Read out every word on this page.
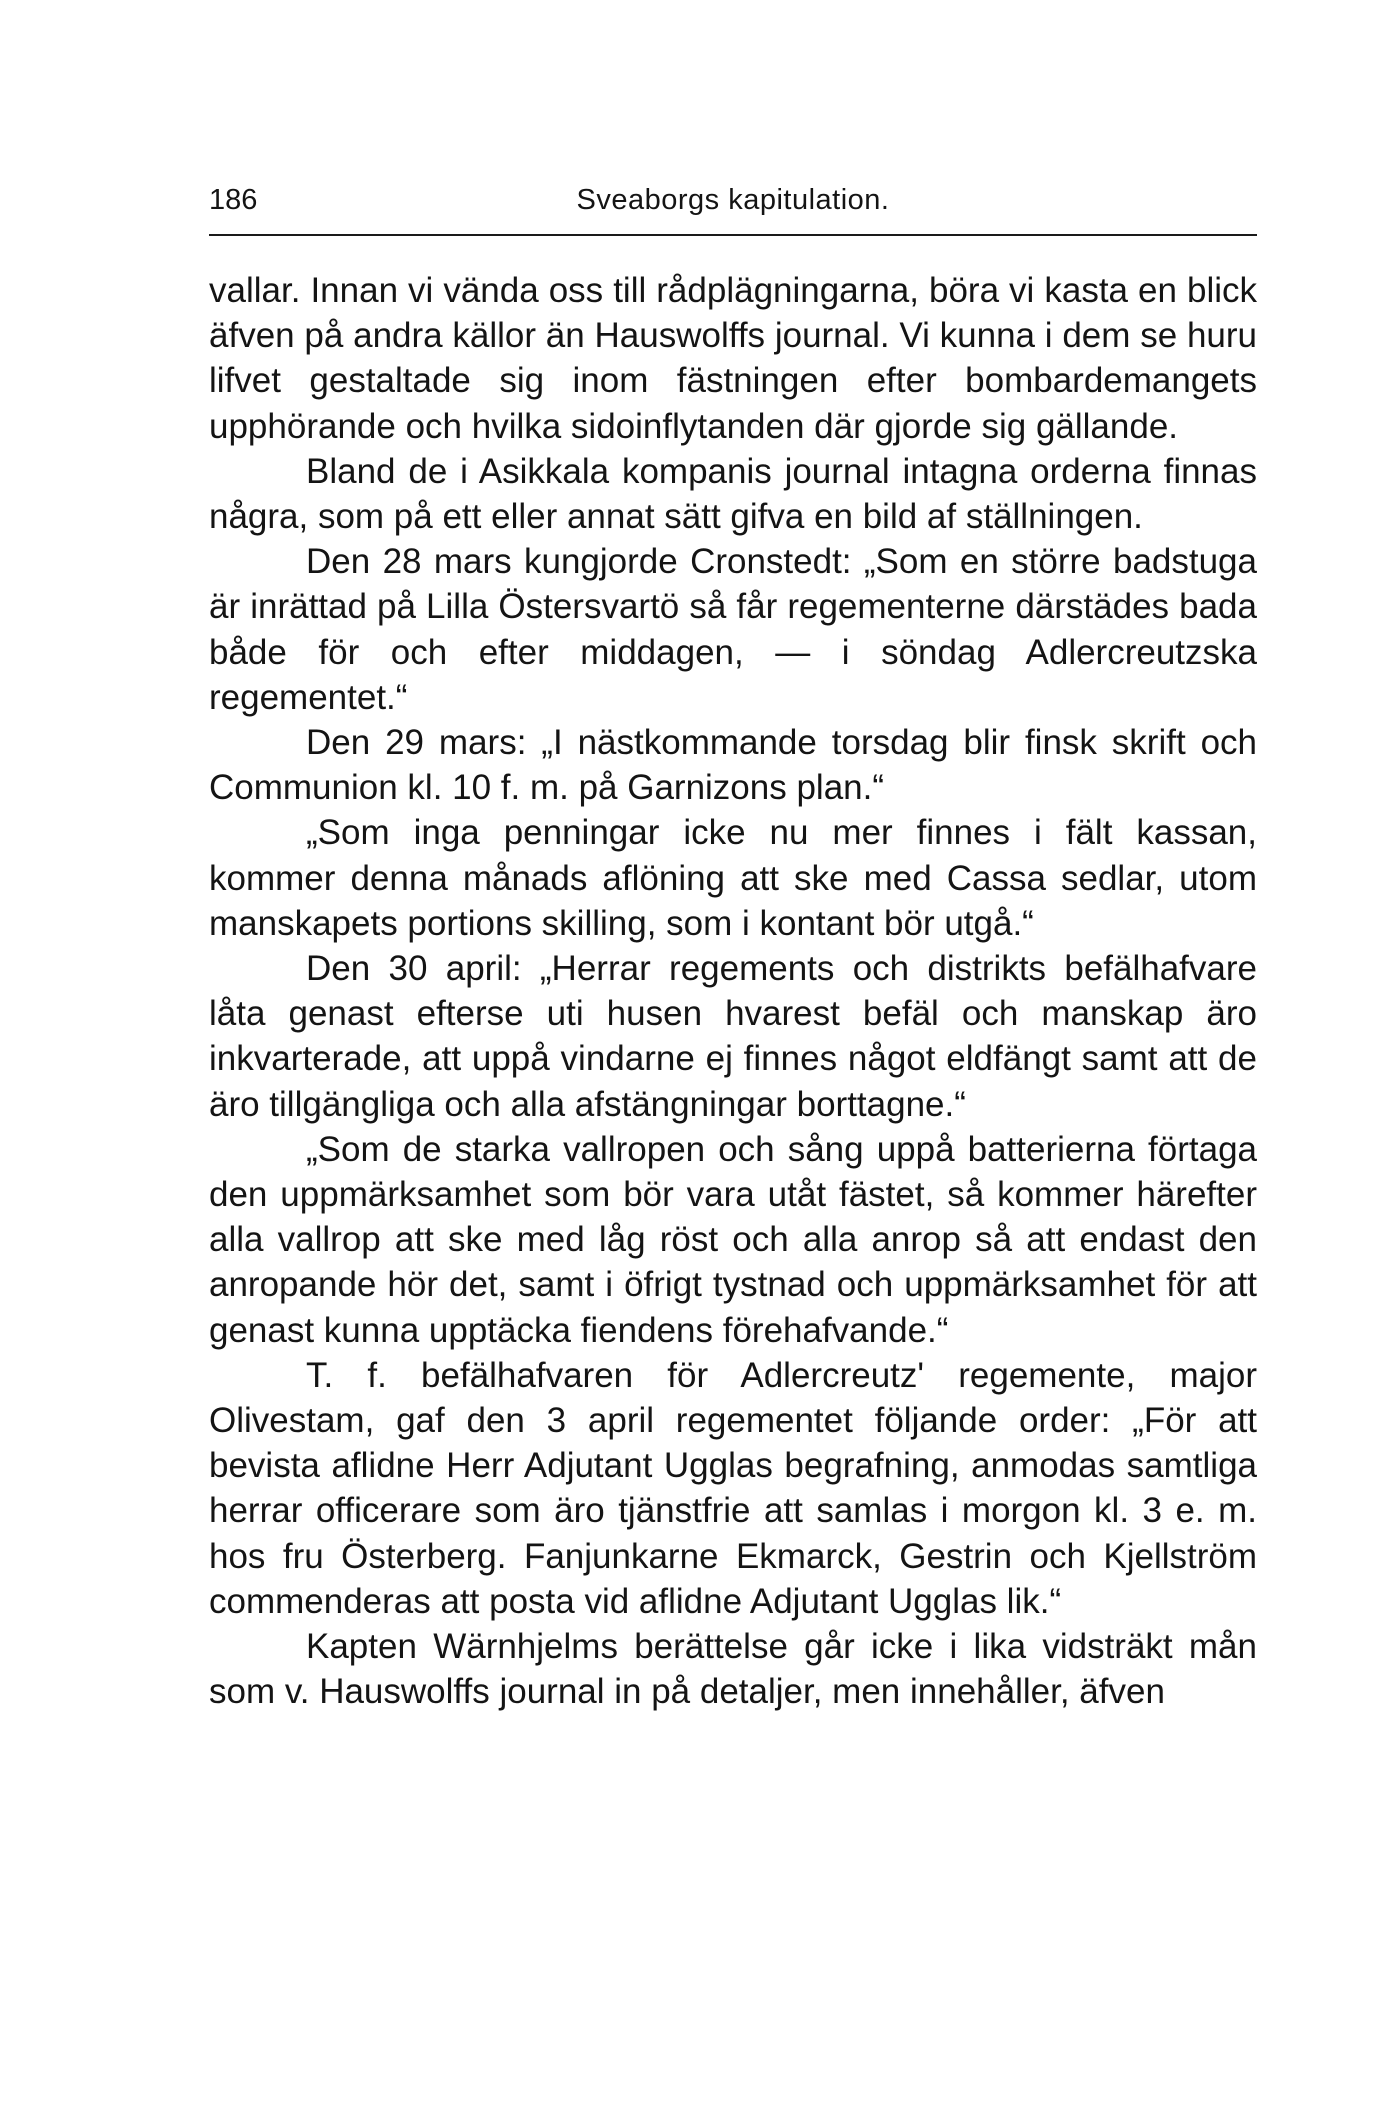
186	Sveaborgs kapitulation.

vallar. Innan vi vända oss till rådplägningarna, böra vi kasta en blick äfven på andra källor än Hauswolffs journal. Vi kunna i dem se huru lifvet gestaltade sig inom fästningen efter bombardemangets upphörande och hvilka sidoinflytanden där gjorde sig gällande.

Bland de i Asikkala kompanis journal intagna orderna finnas några, som på ett eller annat sätt gifva en bild af ställningen.

Den 28 mars kungjorde Cronstedt: „Som en större badstuga är inrättad på Lilla Östersvartö så får regementerne därstädes bada både för och efter middagen, — i söndag Adlercreutzska regementet.“

Den 29 mars: „I nästkommande torsdag blir finsk skrift och Communion kl. 10 f. m. på Garnizons plan.“

„Som inga penningar icke nu mer finnes i fält kassan, kommer denna månads aflöning att ske med Cassa sedlar, utom manskapets portions skilling, som i kontant bör utgå.“

Den 30 april: „Herrar regements och distrikts befälhafvare låta genast efterse uti husen hvarest befäl och manskap äro inkvarterade, att uppå vindarne ej finnes något eldfängt samt att de äro tillgängliga och alla afstängningar borttagne.“

„Som de starka vallropen och sång uppå batterierna förtaga den uppmärksamhet som bör vara utåt fästet, så kommer härefter alla vallrop att ske med låg röst och alla anrop så att endast den anropande hör det, samt i öfrigt tystnad och uppmärksamhet för att genast kunna upptäcka fiendens förehafvande.“

T. f. befälhafvaren för Adlercreutz' regemente, major Olivestam, gaf den 3 april regementet följande order: „För att bevista aflidne Herr Adjutant Ugglas begrafning, anmodas samtliga herrar officerare som äro tjänstfrie att samlas i morgon kl. 3 e. m. hos fru Österberg. Fanjunkarne Ekmarck, Gestrin och Kjellström commenderas att posta vid aflidne Adjutant Ugglas lik.“

Kapten Wärnhjelms berättelse går icke i lika vidsträkt mån som v. Hauswolffs journal in på detaljer, men innehåller, äfven
